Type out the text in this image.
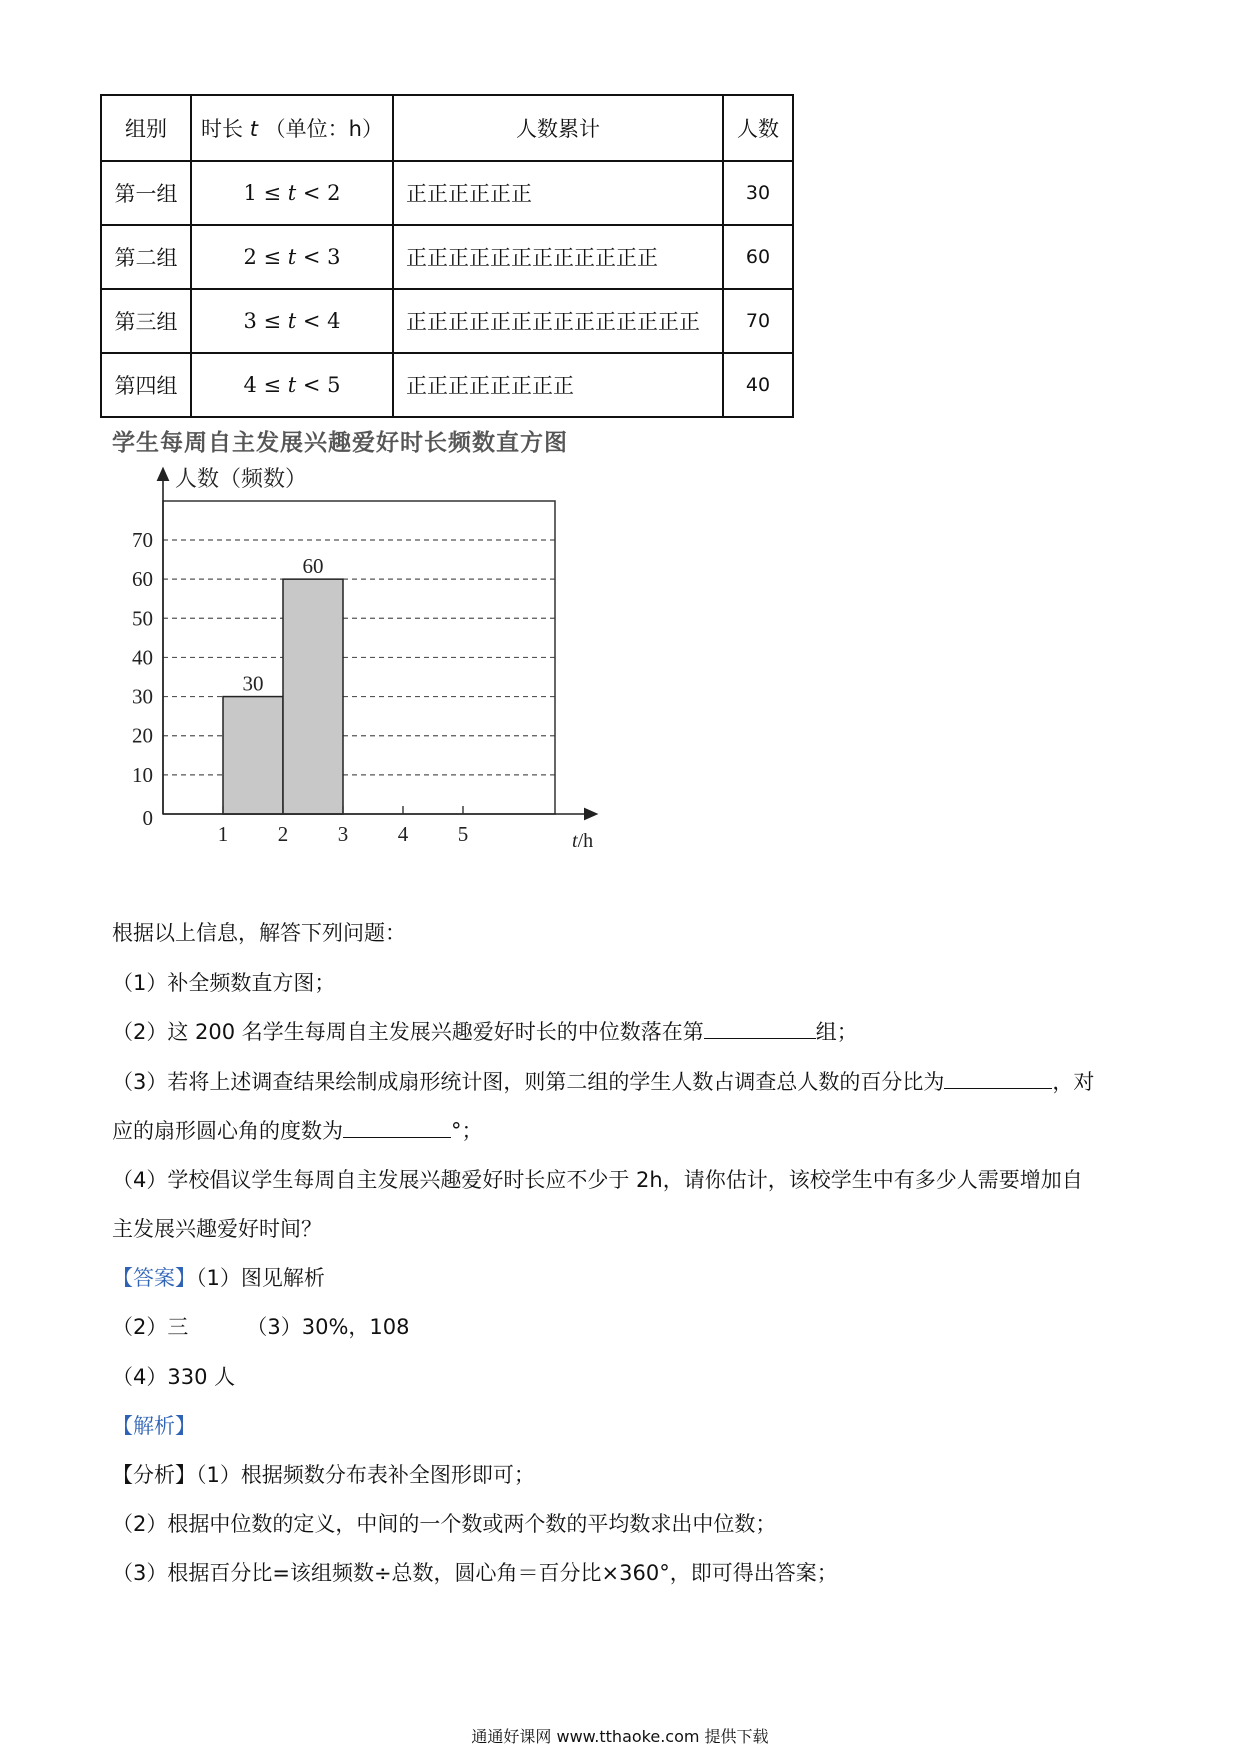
组别	时长 t （单位：h）	人数累计	人数
第一组	1 ≤ t < 2	正正正正正正	30
第二组	2 ≤ t < 3	正正正正正正正正正正正正	60
第三组	3 ≤ t < 4	正正正正正正正正正正正正正正	70
第四组	4 ≤ t < 5	正正正正正正正正	40
学生每周自主发展兴趣爱好时长频数直方图
30
60
0
10
20
30
40
50
60
70
1 2 3 4 5
人数（频数）
t/h

根据以上信息，解答下列问题：

（1）补全频数直方图；

（2）这 200 名学生每周自主发展兴趣爱好时长的中位数落在第	组；

（3）若将上述调查结果绘制成扇形统计图，则第二组的学生人数占调查总人数的百分比为	，对

应的扇形圆心角的度数为	°；

（4）学校倡议学生每周自主发展兴趣爱好时长应不少于 2h，请你估计，该校学生中有多少人需要增加自

主发展兴趣爱好时间？

【答案】（1）图见解析

（2）三	（3）30%，108

（4）330 人

【解析】

【分析】（1）根据频数分布表补全图形即可；

（2）根据中位数的定义，中间的一个数或两个数的平均数求出中位数；

（3）根据百分比=该组频数÷总数，圆心角＝百分比×360°，即可得出答案；

通通好课网 www.tthaoke.com 提供下载
